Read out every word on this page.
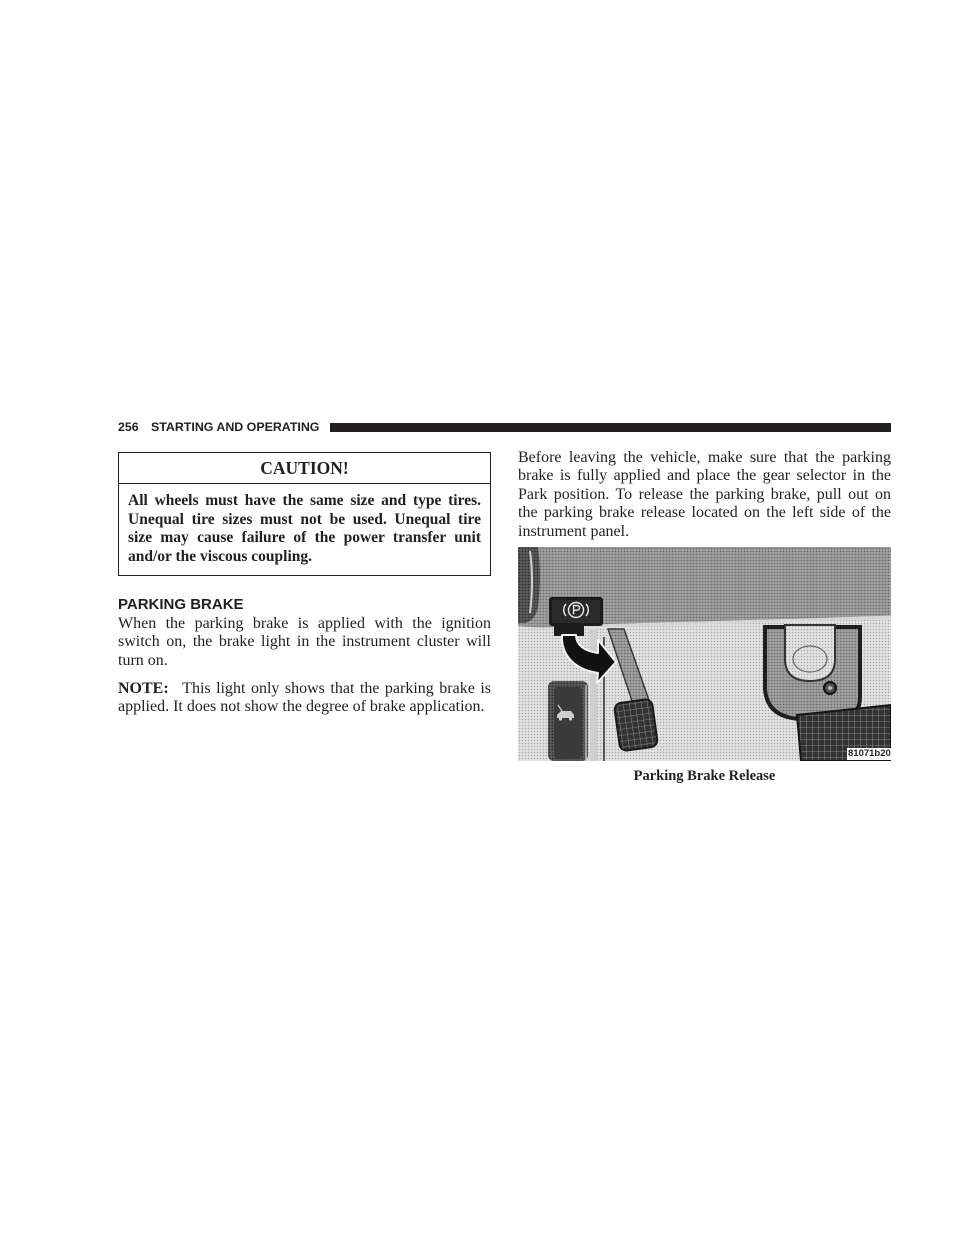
256 STARTING AND OPERATING
CAUTION!
All wheels must have the same size and type tires.
Unequal tire sizes must not be used. Unequal tire
size may cause failure of the power transfer unit
and/or the viscous coupling.
PARKING BRAKE
When the parking brake is applied with the ignition
switch on, the brake light in the instrument cluster will
turn on.
NOTE: This light only shows that the parking brake is
applied. It does not show the degree of brake application.
Before leaving the vehicle, make sure that the parking
brake is fully applied and place the gear selector in the
Park position. To release the parking brake, pull out on
the parking brake release located on the left side of the
instrument panel.
81071b20
Parking Brake Release
